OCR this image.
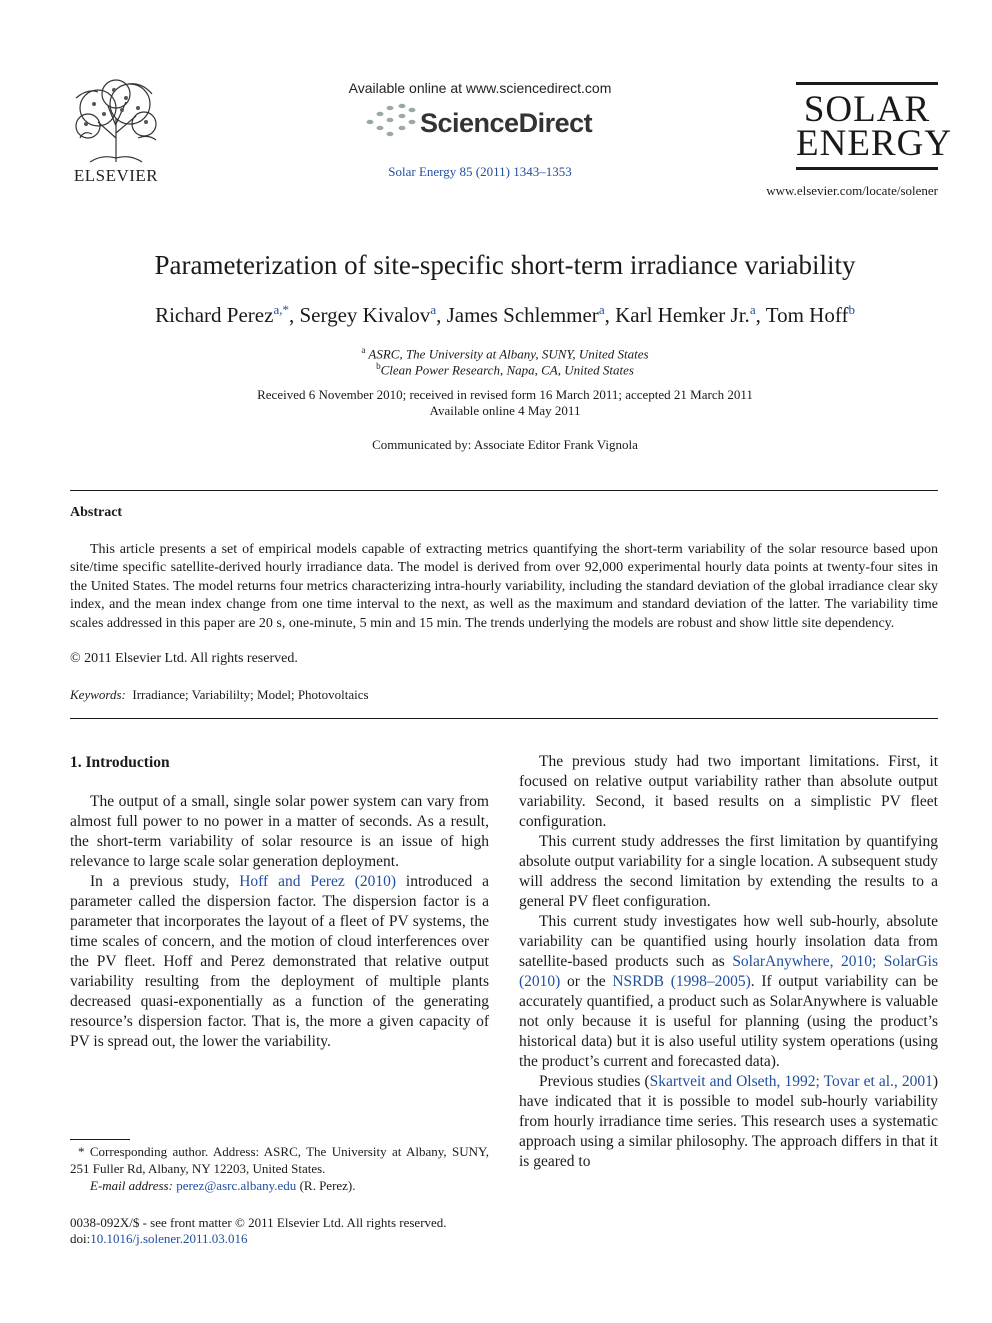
ELSEVIER
Available online at www.sciencedirect.com
ScienceDirect
Solar Energy 85 (2011) 1343–1353
SOLAR
ENERGY
www.elsevier.com/locate/solener
Parameterization of site-specific short-term irradiance variability
Richard Perez$^{a,*}$, Sergey Kivalov$^a$, James Schlemmer$^a$, Karl Hemker Jr.$^a$, Tom Hoff$^b$
$^a$ ASRC, The University at Albany, SUNY, United States
$^b$Clean Power Research, Napa, CA, United States
Received 6 November 2010; received in revised form 16 March 2011; accepted 21 March 2011
Available online 4 May 2011
Communicated by: Associate Editor Frank Vignola
Abstract
This article presents a set of empirical models capable of extracting metrics quantifying the short-term variability of the solar resource based upon site/time specific satellite-derived hourly irradiance data. The model is derived from over 92,000 experimental hourly data points at twenty-four sites in the United States. The model returns four metrics characterizing intra-hourly variability, including the standard deviation of the global irradiance clear sky index, and the mean index change from one time interval to the next, as well as the maximum and standard deviation of the latter. The variability time scales addressed in this paper are 20 s, one-minute, 5 min and 15 min. The trends underlying the models are robust and show little site dependency.
© 2011 Elsevier Ltd. All rights reserved.
Keywords: Irradiance; Variabililty; Model; Photovoltaics
1. Introduction

The output of a small, single solar power system can vary from almost full power to no power in a matter of seconds. As a result, the short-term variability of solar resource is an issue of high relevance to large scale solar generation deployment.

In a previous study, Hoff and Perez (2010) introduced a parameter called the dispersion factor. The dispersion factor is a parameter that incorporates the layout of a fleet of PV systems, the time scales of concern, and the motion of cloud interferences over the PV fleet. Hoff and Perez demonstrated that relative output variability resulting from the deployment of multiple plants decreased quasi-exponentially as a function of the generating resource’s dispersion factor. That is, the more a given capacity of PV is spread out, the lower the variability.

The previous study had two important limitations. First, it focused on relative output variability rather than absolute output variability. Second, it based results on a simplistic PV fleet configuration.

This current study addresses the first limitation by quantifying absolute output variability for a single location. A subsequent study will address the second limitation by extending the results to a general PV fleet configuration.

This current study investigates how well sub-hourly, absolute variability can be quantified using hourly insolation data from satellite-based products such as SolarAnywhere, 2010; SolarGis (2010) or the NSRDB (1998–2005). If output variability can be accurately quantified, a product such as SolarAnywhere is valuable not only because it is useful for planning (using the product’s historical data) but it is also useful utility system operations (using the product’s current and forecasted data).

Previous studies (Skartveit and Olseth, 1992; Tovar et al., 2001) have indicated that it is possible to model sub-hourly variability from hourly irradiance time series. This research uses a systematic approach using a similar philosophy. The approach differs in that it is geared to

* Corresponding author. Address: ASRC, The University at Albany, SUNY, 251 Fuller Rd, Albany, NY 12203, United States.

E-mail address: perez@asrc.albany.edu (R. Perez).

0038-092X/$ - see front matter © 2011 Elsevier Ltd. All rights reserved.
doi:10.1016/j.solener.2011.03.016
